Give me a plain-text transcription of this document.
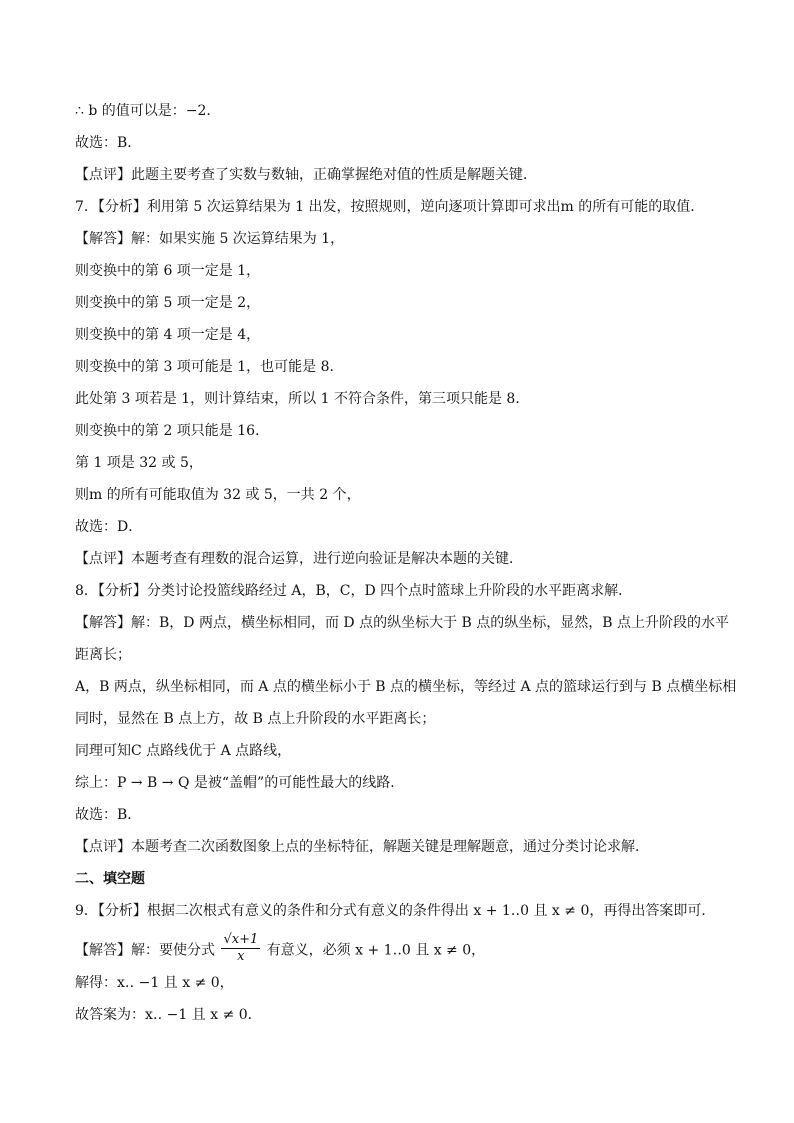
∴ b 的值可以是：−2．
故选：B．
【点评】此题主要考查了实数与数轴，正确掌握绝对值的性质是解题关键．
7．【分析】利用第 5 次运算结果为 1 出发，按照规则，逆向逐项计算即可求出m 的所有可能的取值．
【解答】解：如果实施 5 次运算结果为 1，
则变换中的第 6 项一定是 1，
则变换中的第 5 项一定是 2，
则变换中的第 4 项一定是 4，
则变换中的第 3 项可能是 1，也可能是 8．
此处第 3 项若是 1，则计算结束，所以 1 不符合条件，第三项只能是 8．
则变换中的第 2 项只能是 16．
第 1 项是 32 或 5，
则m 的所有可能取值为 32 或 5，一共 2 个，
故选：D．
【点评】本题考查有理数的混合运算，进行逆向验证是解决本题的关键．
8．【分析】分类讨论投篮线路经过 A，B，C，D 四个点时篮球上升阶段的水平距离求解．
【解答】解：B，D 两点，横坐标相同，而 D 点的纵坐标大于 B 点的纵坐标，显然，B 点上升阶段的水平
距离长；
A，B 两点，纵坐标相同，而 A 点的横坐标小于 B 点的横坐标，等经过 A 点的篮球运行到与 B 点横坐标相
同时，显然在 B 点上方，故 B 点上升阶段的水平距离长；
同理可知C 点路线优于 A 点路线，
综上：P → B → Q 是被“盖帽”的可能性最大的线路．
故选：B．
【点评】本题考查二次函数图象上点的坐标特征，解题关键是理解题意，通过分类讨论求解．
二、填空题
9．【分析】根据二次根式有意义的条件和分式有意义的条件得出 x + 1‥0 且 x ≠ 0，再得出答案即可．
【解答】解：要使分式 $\frac{√x+1}{x}$ 有意义，必须 x + 1‥0 且 x ≠ 0，
解得：x‥ −1 且 x ≠ 0，
故答案为：x‥ −1 且 x ≠ 0．
